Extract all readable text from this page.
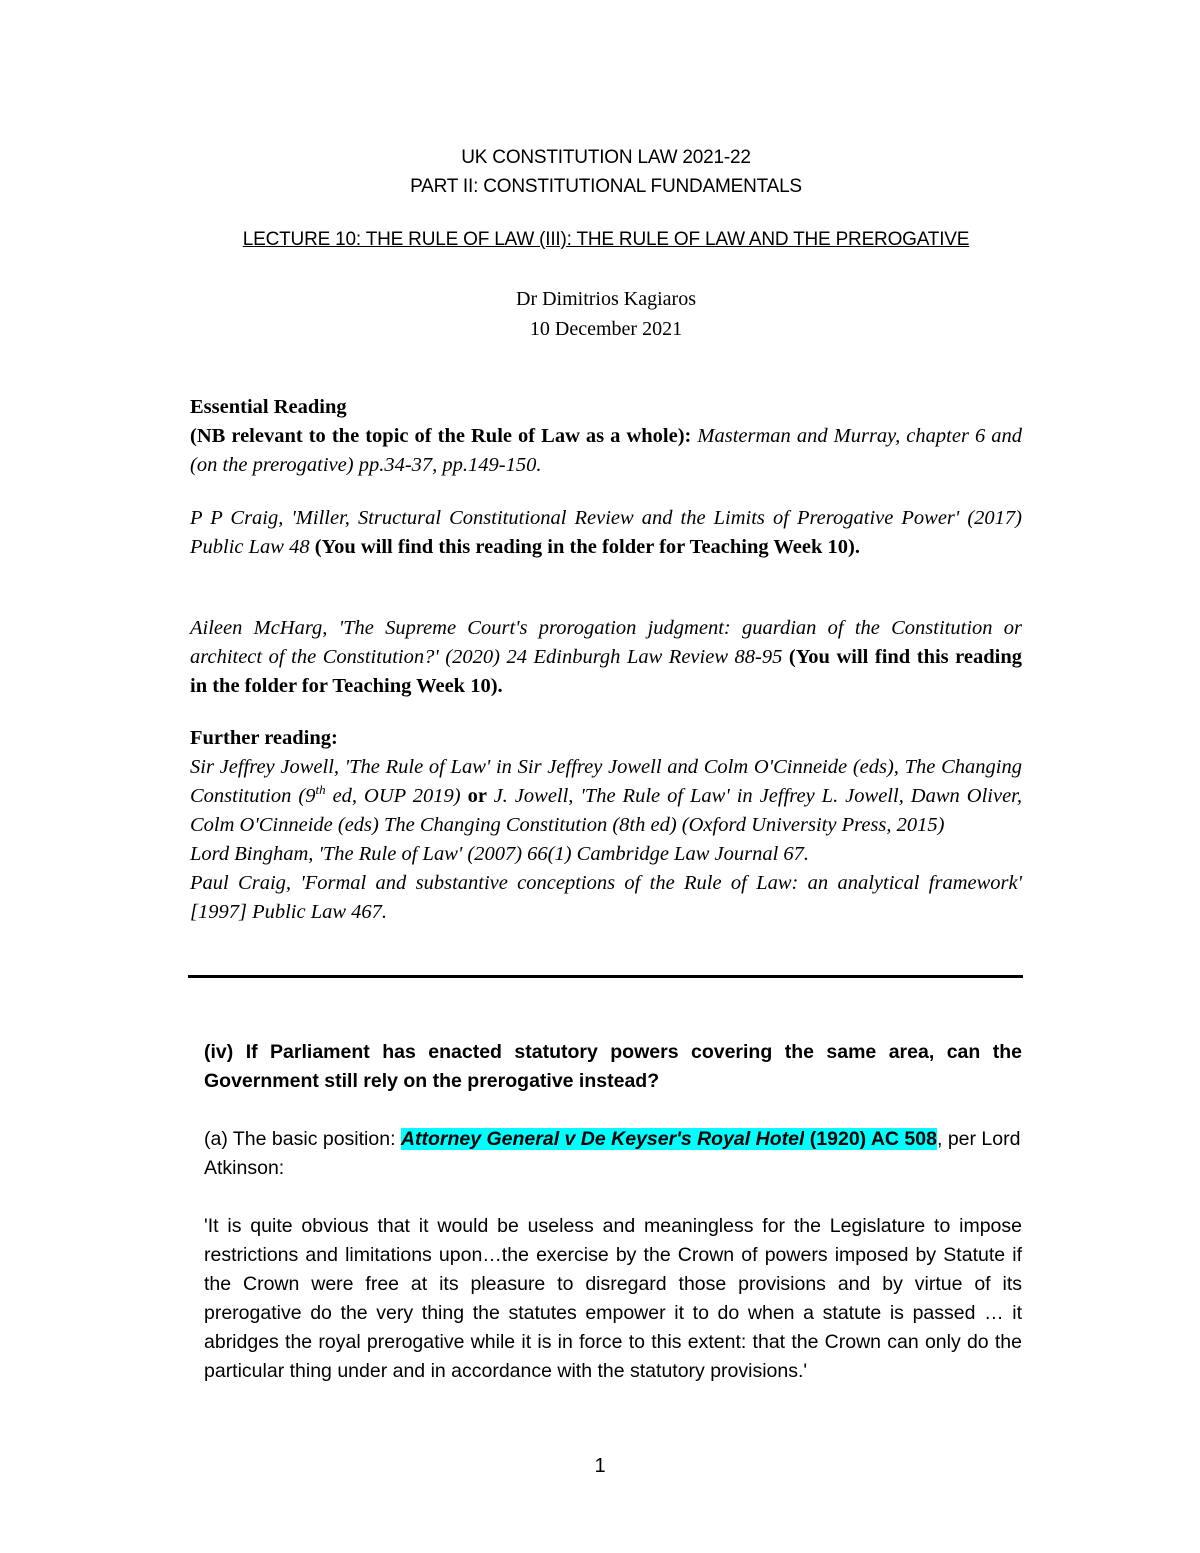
UK CONSTITUTION LAW 2021-22
PART II: CONSTITUTIONAL FUNDAMENTALS
LECTURE 10: THE RULE OF LAW (III): THE RULE OF LAW AND THE PREROGATIVE
Dr Dimitrios Kagiaros
10 December 2021

Essential Reading

(NB relevant to the topic of the Rule of Law as a whole): Masterman and Murray, chapter 6 and (on the prerogative) pp.34-37, pp.149-150.

P P Craig, 'Miller, Structural Constitutional Review and the Limits of Prerogative Power' (2017) Public Law 48 (You will find this reading in the folder for Teaching Week 10).

Aileen McHarg, 'The Supreme Court's prorogation judgment: guardian of the Constitution or architect of the Constitution?' (2020) 24 Edinburgh Law Review 88-95 (You will find this reading in the folder for Teaching Week 10).

Further reading:

Sir Jeffrey Jowell, 'The Rule of Law' in Sir Jeffrey Jowell and Colm O'Cinneide (eds), The Changing Constitution (9th ed, OUP 2019) or J. Jowell, 'The Rule of Law' in Jeffrey L. Jowell, Dawn Oliver, Colm O'Cinneide (eds) The Changing Constitution (8th ed) (Oxford University Press, 2015)

Lord Bingham, 'The Rule of Law' (2007) 66(1) Cambridge Law Journal 67.

Paul Craig, 'Formal and substantive conceptions of the Rule of Law: an analytical framework' [1997] Public Law 467.

(iv) If Parliament has enacted statutory powers covering the same area, can the Government still rely on the prerogative instead?

(a) The basic position: Attorney General v De Keyser's Royal Hotel (1920) AC 508, per Lord Atkinson:

'It is quite obvious that it would be useless and meaningless for the Legislature to impose restrictions and limitations upon…the exercise by the Crown of powers imposed by Statute if the Crown were free at its pleasure to disregard those provisions and by virtue of its prerogative do the very thing the statutes empower it to do when a statute is passed … it abridges the royal prerogative while it is in force to this extent: that the Crown can only do the particular thing under and in accordance with the statutory provisions.'

1
